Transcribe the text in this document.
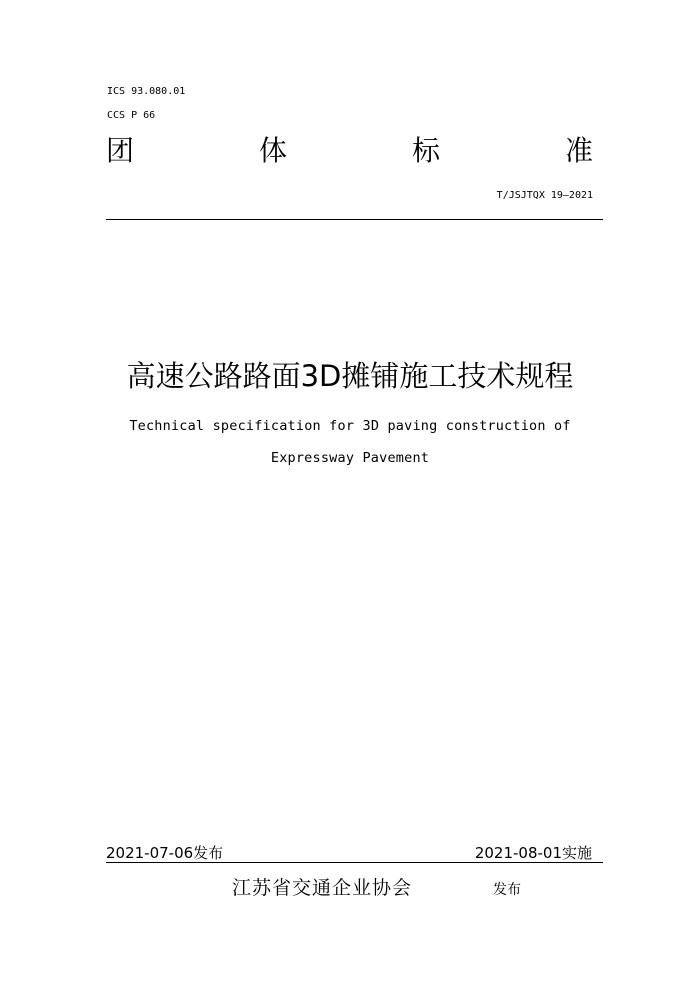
ICS 93.080.01
CCS P 66
团	体	标	准
T/JSJTQX 19—2021
高速公路路面3D摊铺施工技术规程
Technical specification for 3D paving construction of
Expressway Pavement
2021-07-06发布	2021-08-01实施
江苏省交通企业协会	发布
